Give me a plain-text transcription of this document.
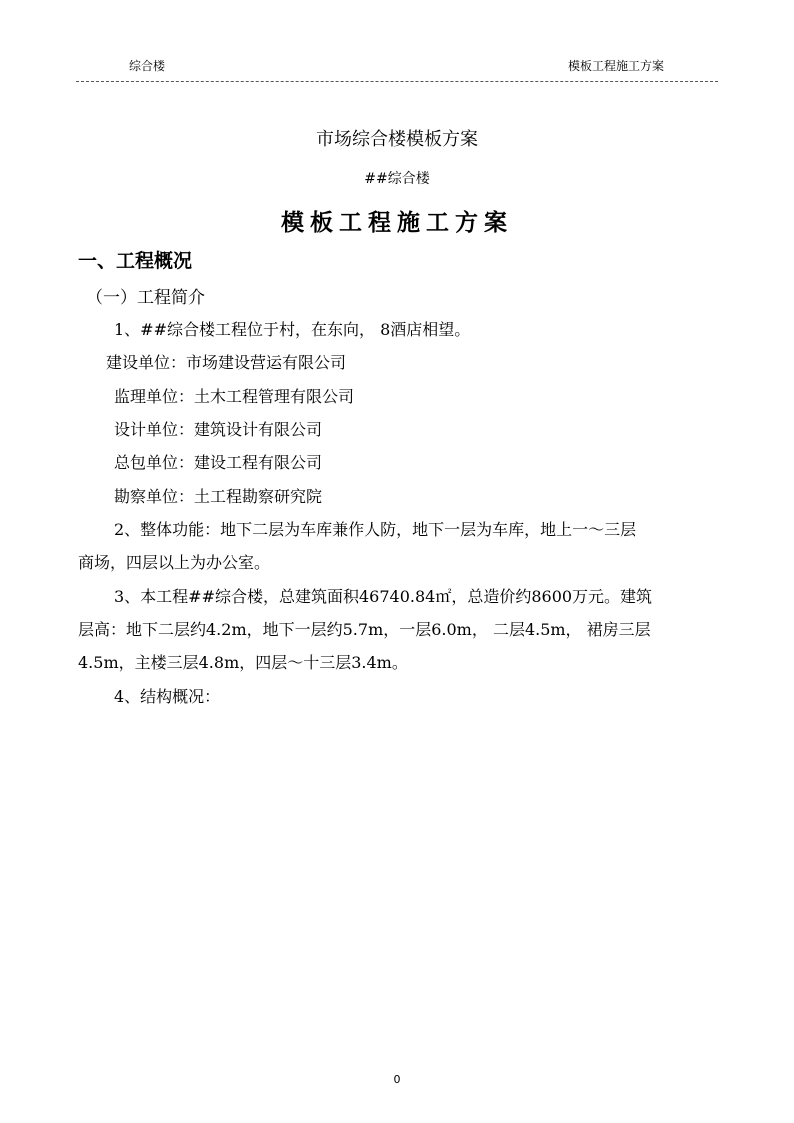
综合楼	模板工程施工方案
市场综合楼模板方案
##综合楼
模板工程施工方案
一、工程概况
（一）工程简介
1、##综合楼工程位于村，在东向， 8酒店相望。
建设单位：市场建设营运有限公司
监理单位：土木工程管理有限公司
设计单位：建筑设计有限公司
总包单位：建设工程有限公司
勘察单位：土工程勘察研究院
2、整体功能：地下二层为车库兼作人防，地下一层为车库，地上一～三层
商场，四层以上为办公室。
3、本工程##综合楼，总建筑面积46740.84㎡，总造价约8600万元。建筑
层高：地下二层约4.2m，地下一层约5.7m，一层6.0m， 二层4.5m， 裙房三层
4.5m，主楼三层4.8m，四层～十三层3.4m。
4、结构概况：
0
